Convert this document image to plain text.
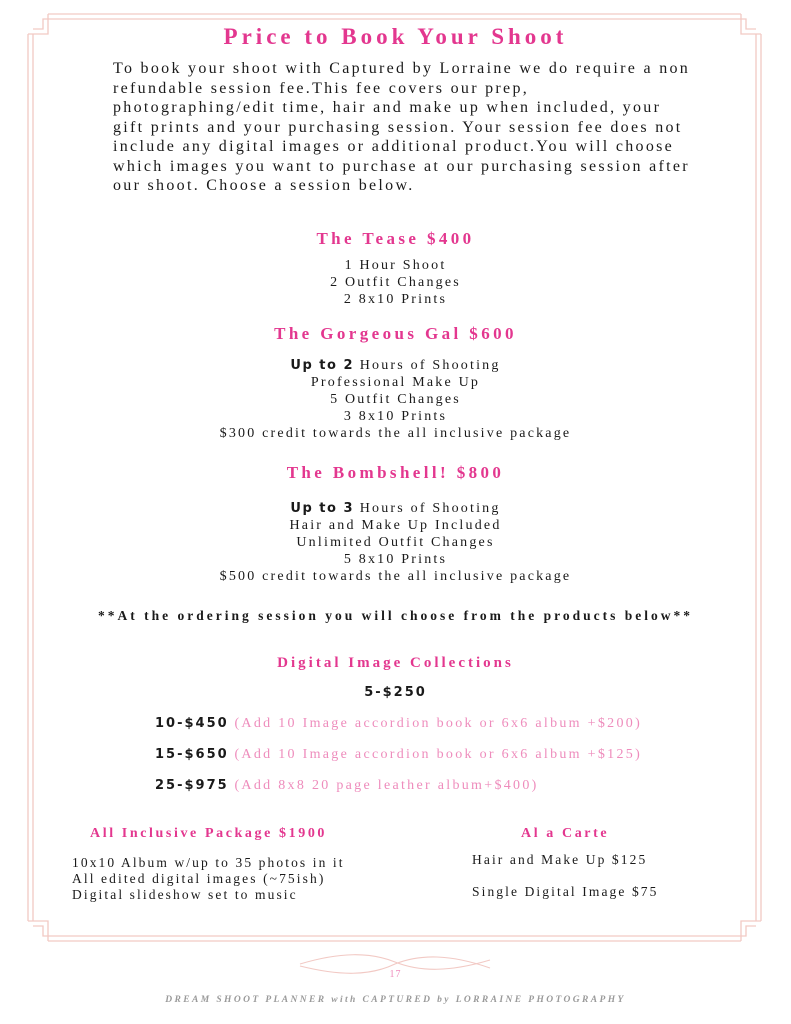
Price to Book Your Shoot
To book your shoot with Captured by Lorraine we do require a non refundable session fee.This fee covers our prep, photographing/edit time, hair and make up when included, your gift prints and your purchasing session. Your session fee does not include any digital images or additional product.You will choose which images you want to purchase at our purchasing session after our shoot. Choose a session below.
The Tease $400
1 Hour Shoot
2 Outfit Changes
2 8x10 Prints
The Gorgeous Gal $600
Up to 2 Hours of Shooting
Professional Make Up
5 Outfit Changes
3 8x10 Prints
$300 credit towards the all inclusive package
The Bombshell! $800
Up to 3 Hours of Shooting
Hair and Make Up Included
Unlimited Outfit Changes
5 8x10 Prints
$500 credit towards the all inclusive package
**At the ordering session you will choose from the products below**
Digital Image Collections
5-$250
10-$450 (Add 10 Image accordion book or 6x6 album +$200)
15-$650 (Add 10 Image accordion book or 6x6 album +$125)
25-$975 (Add 8x8 20 page leather album+$400)
All Inclusive Package $1900
10x10 Album w/up to 35 photos in it
All edited digital images (~75ish)
Digital slideshow set to music
Al a Carte
Hair and Make Up $125
Single Digital Image $75
17
DREAM SHOOT PLANNER with CAPTURED by LORRAINE PHOTOGRAPHY
